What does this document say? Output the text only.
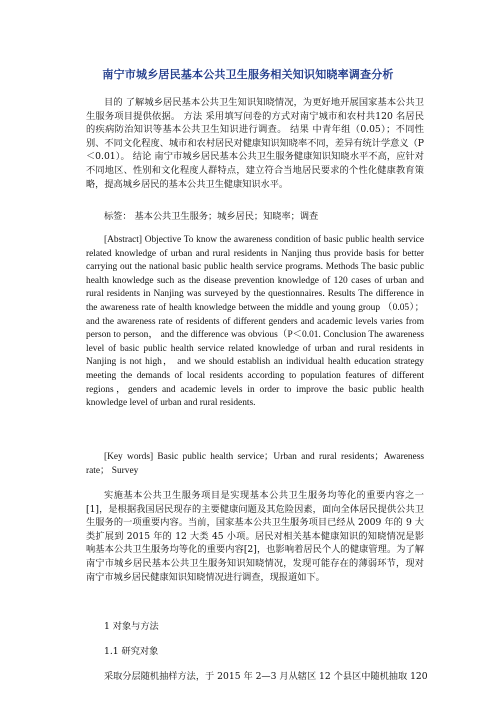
南宁市城乡居民基本公共卫生服务相关知识知晓率调查分析
目的 了解城乡居民基本公共卫生知识知晓情况，为更好地开展国家基本公共卫生服务项目提供依据。 方法 采用填写问卷的方式对南宁城市和农村共120 名居民的疾病防治知识等基本公共卫生知识进行调查。 结果 中青年组（0.05）；不同性别、不同文化程度、城市和农村居民对健康知识知晓率不同，差异有统计学意义（P＜0.01）。 结论 南宁市城乡居民基本公共卫生服务健康知识知晓水平不高，应针对不同地区、性别和文化程度人群特点，建立符合当地居民要求的个性化健康教育策略，提高城乡居民的基本公共卫生健康知识水平。
标签： 基本公共卫生服务；城乡居民；知晓率；调查
[Abstract] Objective To know the awareness condition of basic public health service related knowledge of urban and rural residents in Nanjing thus provide basis for better carrying out the national basic public health service programs. Methods The basic public health knowledge such as the disease prevention knowledge of 120 cases of urban and rural residents in Nanjing was surveyed by the questionnaires. Results The difference in the awareness rate of health knowledge between the middle and young group （0.05）； and the awareness rate of residents of different genders and academic levels varies from person to person， and the difference was obvious（P＜0.01. Conclusion The awareness level of basic public health service related knowledge of urban and rural residents in Nanjing is not high， and we should establish an individual health education strategy meeting the demands of local residents according to population features of different regions，genders and academic levels in order to improve the basic public health knowledge level of urban and rural residents.
[Key words] Basic public health service；Urban and rural residents；Awareness rate； Survey
实施基本公共卫生服务项目是实现基本公共卫生服务均等化的重要内容之一[1]，是根据我国居民现存的主要健康问题及其危险因素，面向全体居民提供公共卫生服务的一项重要内容。当前，国家基本公共卫生服务项目已经从 2009 年的 9 大类扩展到 2015 年的 12 大类 45 小项。居民对相关基本健康知识的知晓情况是影响基本公共卫生服务均等化的重要内容[2]，也影响着居民个人的健康管理。为了解南宁市城乡居民基本公共卫生服务知识知晓情况，发现可能存在的薄弱环节，现对南宁市城乡居民健康知识知晓情况进行调查，现报道如下。
1 对象与方法
1.1 研究对象
采取分层随机抽样方法，于 2015 年 2—3 月从辖区 12 个县区中随机抽取 120
